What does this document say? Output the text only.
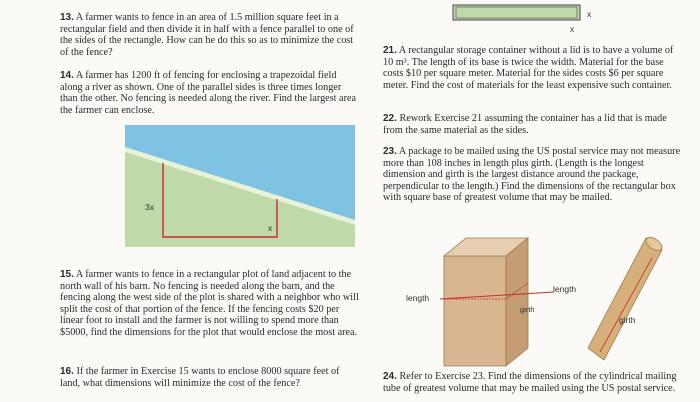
13. A farmer wants to fence in an area of 1.5 million square feet in a rectangular field and then divide it in half with a fence parallel to one of the sides of the rectangle. How can he do this so as to minimize the cost of the fence?
14. A farmer has 1200 ft of fencing for enclosing a trapezoidal field along a river as shown. One of the parallel sides is three times longer than the other. No fencing is needed along the river. Find the largest area the farmer can enclose.
3x
x
15. A farmer wants to fence in a rectangular plot of land adjacent to the north wall of his barn. No fencing is needed along the barn, and the fencing along the west side of the plot is shared with a neighbor who will split the cost of that portion of the fence. If the fencing costs $20 per linear foot to install and the farmer is not willing to spend more than $5000, find the dimensions for the plot that would enclose the most area.
16. If the farmer in Exercise 15 wants to enclose 8000 square feet of land, what dimensions will minimize the cost of the fence?
x
x
21. A rectangular storage container without a lid is to have a volume of 10 m³. The length of its base is twice the width. Material for the base costs $10 per square meter. Material for the sides costs $6 per square meter. Find the cost of materials for the least expensive such container.
22. Rework Exercise 21 assuming the container has a lid that is made from the same material as the sides.
23. A package to be mailed using the US postal service may not measure more than 108 inches in length plus girth. (Length is the longest dimension and girth is the largest distance around the package, perpendicular to the length.) Find the dimensions of the rectangular box with square base of greatest volume that may be mailed.
length
girth
length
girth
24. Refer to Exercise 23. Find the dimensions of the cylindrical mailing tube of greatest volume that may be mailed using the US postal service.
